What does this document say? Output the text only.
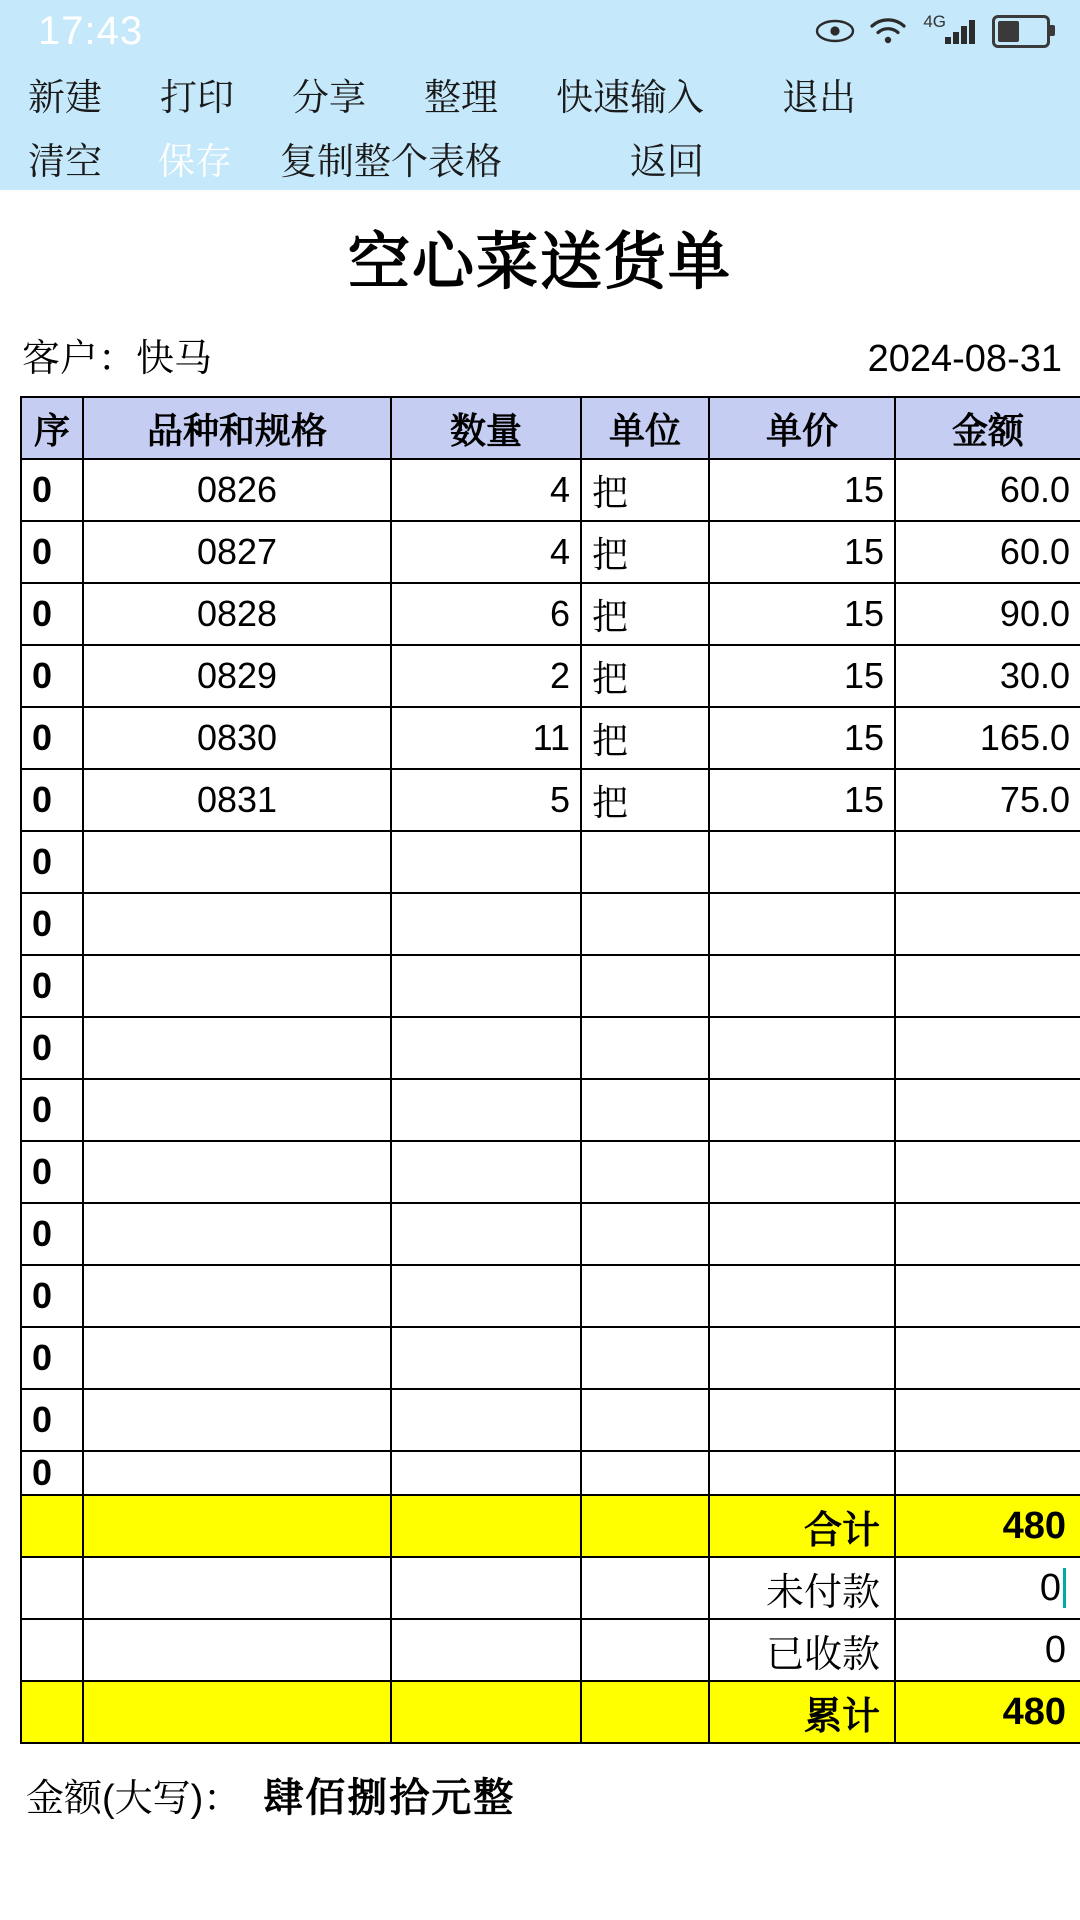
17:43	4G
新建 打印 分享 整理 快速输入 退出
清空 保存 复制整个表格	返回
空心菜送货单
客户：快马	2024-08-31
序	品种和规格	数量	单位	单价	金额
0	0826	4	把	15	60.0
0	0827	4	把	15	60.0
0	0828	6	把	15	90.0
0	0829	2	把	15	30.0
0	0830	11	把	15	165.0
0	0831	5	把	15	75.0
0					
0					
0					
0					
0					
0					
0					
0					
0					
0					
0					
				合计	480
				未付款	0
				已收款	0
				累计	480
金额(大写)： 肆佰捌拾元整
